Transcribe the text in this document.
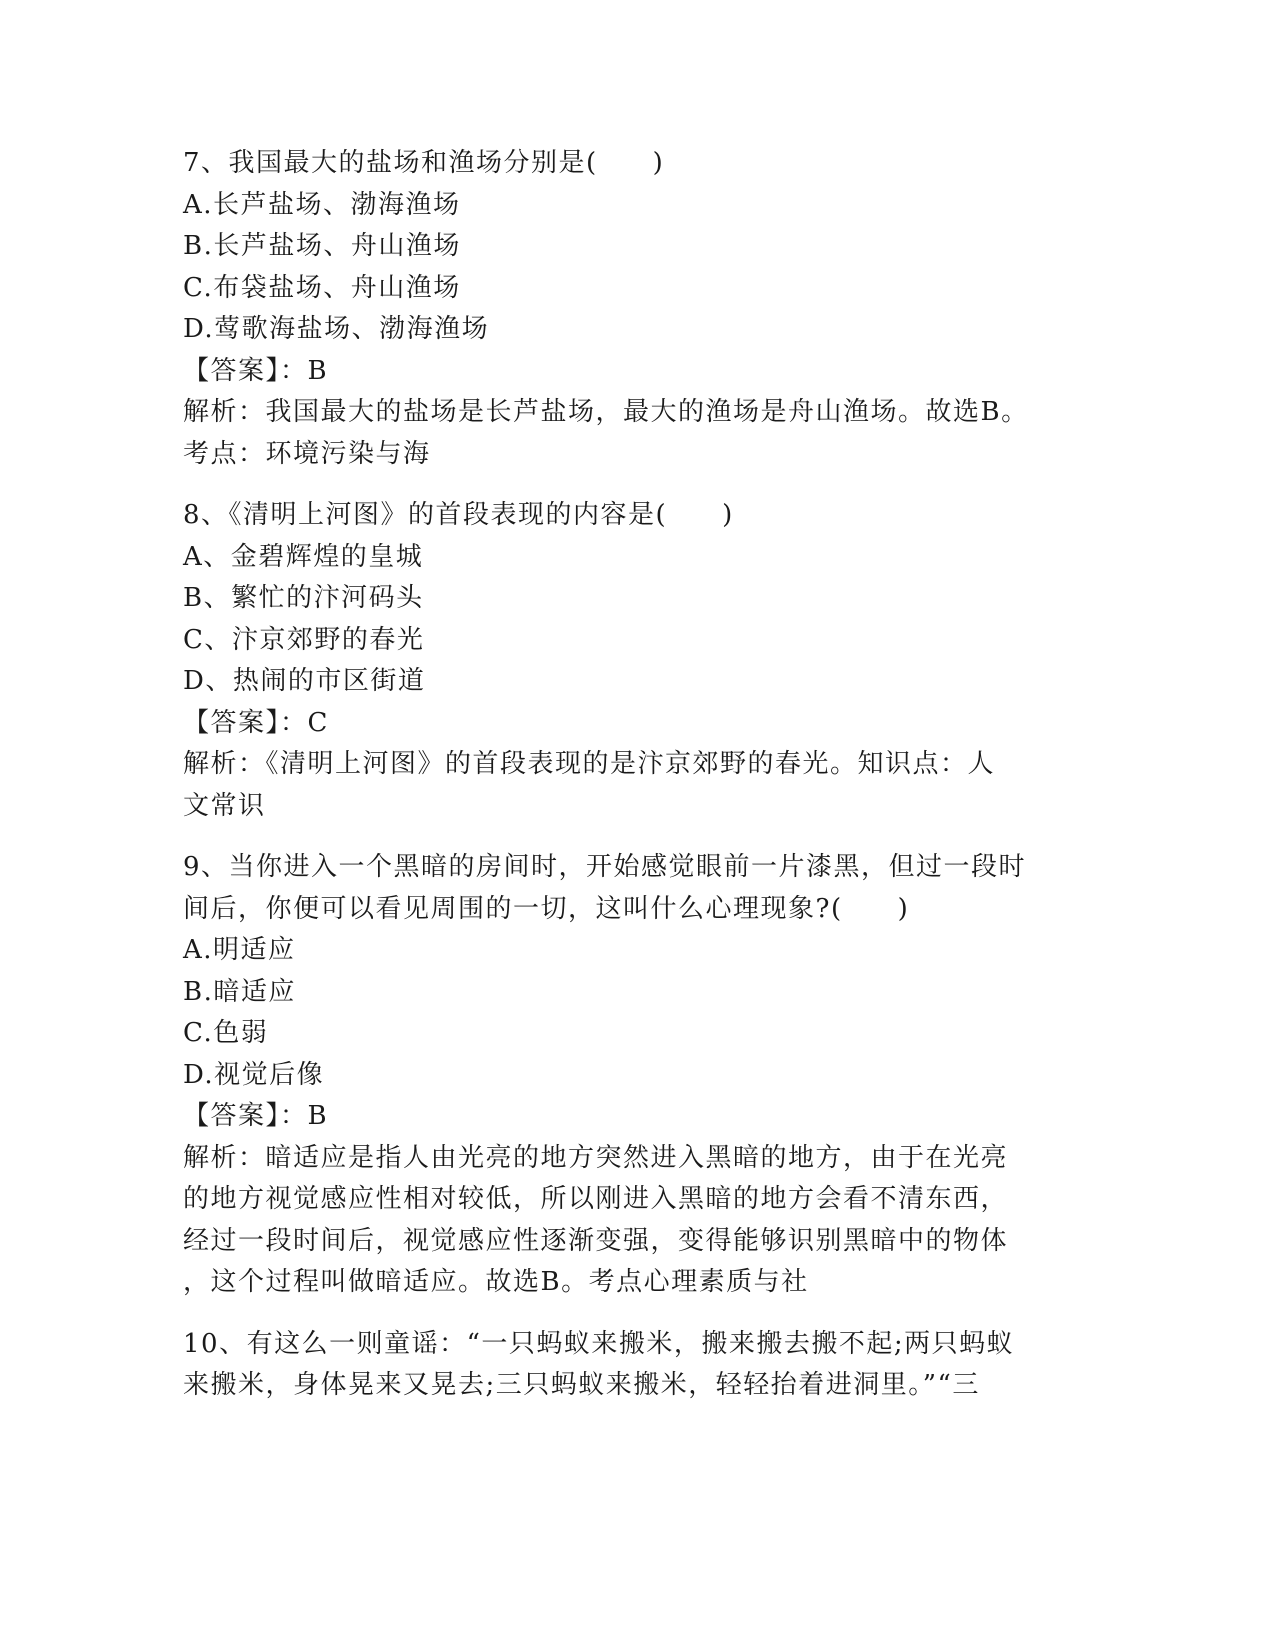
7、我国最大的盐场和渔场分别是(　　)
A.长芦盐场、渤海渔场
B.长芦盐场、舟山渔场
C.布袋盐场、舟山渔场
D.莺歌海盐场、渤海渔场
【答案】：B
解析：我国最大的盐场是长芦盐场，最大的渔场是舟山渔场。故选B。
考点：环境污染与海
8、《清明上河图》的首段表现的内容是(　　)
A、金碧辉煌的皇城
B、繁忙的汴河码头
C、汴京郊野的春光
D、热闹的市区街道
【答案】：C
解析：《清明上河图》的首段表现的是汴京郊野的春光。知识点：人
文常识
9、当你进入一个黑暗的房间时，开始感觉眼前一片漆黑，但过一段时
间后，你便可以看见周围的一切，这叫什么心理现象?(　　)
A.明适应
B.暗适应
C.色弱
D.视觉后像
【答案】：B
解析：暗适应是指人由光亮的地方突然进入黑暗的地方，由于在光亮
的地方视觉感应性相对较低，所以刚进入黑暗的地方会看不清东西，
经过一段时间后，视觉感应性逐渐变强，变得能够识别黑暗中的物体
，这个过程叫做暗适应。故选B。考点心理素质与社
10、有这么一则童谣：“一只蚂蚁来搬米，搬来搬去搬不起;两只蚂蚁
来搬米，身体晃来又晃去;三只蚂蚁来搬米，轻轻抬着进洞里。”“三
